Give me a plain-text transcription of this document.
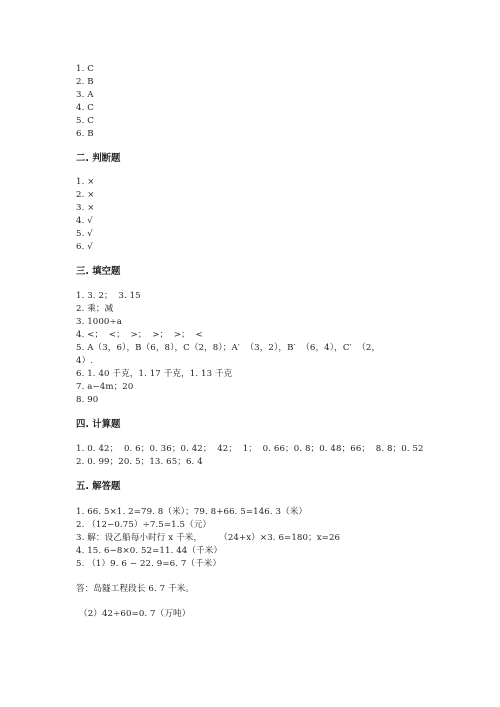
1. C
2. B
3. A
4. C
5. C
6. B
二. 判断题
1. ×
2. ×
3. ×
4. √
5. √
6. √
三. 填空题
1. 3. 2；  3. 15
2. 乘；减
3. 1000÷a
4. <；  <；  >；  >；  >；  <
5. A（3，6），B（6，8），C（2，8）；A′  （3，2），B′  （6，4），C′  （2，
4）.
6. 1. 40 千克，1. 17 千克，1. 13 千克
7. a−4m；20
8. 90
四. 计算题
1. 0. 42；  0. 6；0. 36；0. 42；  42；  1；  0. 66；0. 8；0. 48；66；  8. 8；0. 52
2. 0. 99；20. 5；13. 65；6. 4
五. 解答题
1. 66. 5×1. 2=79. 8（米）；79. 8+66. 5=146. 3（米）
2. （12−0.75）÷7.5=1.5（元）
3. 解：设乙船每小时行 x 千米，      （24+x）×3. 6=180；x=26
4. 15. 6−8×0. 52=11. 44（千米）
5. （1）9. 6 − 22. 9=6. 7（千米）
答：岛隧工程段长 6. 7 千米。
（2）42÷60=0. 7（万吨）
